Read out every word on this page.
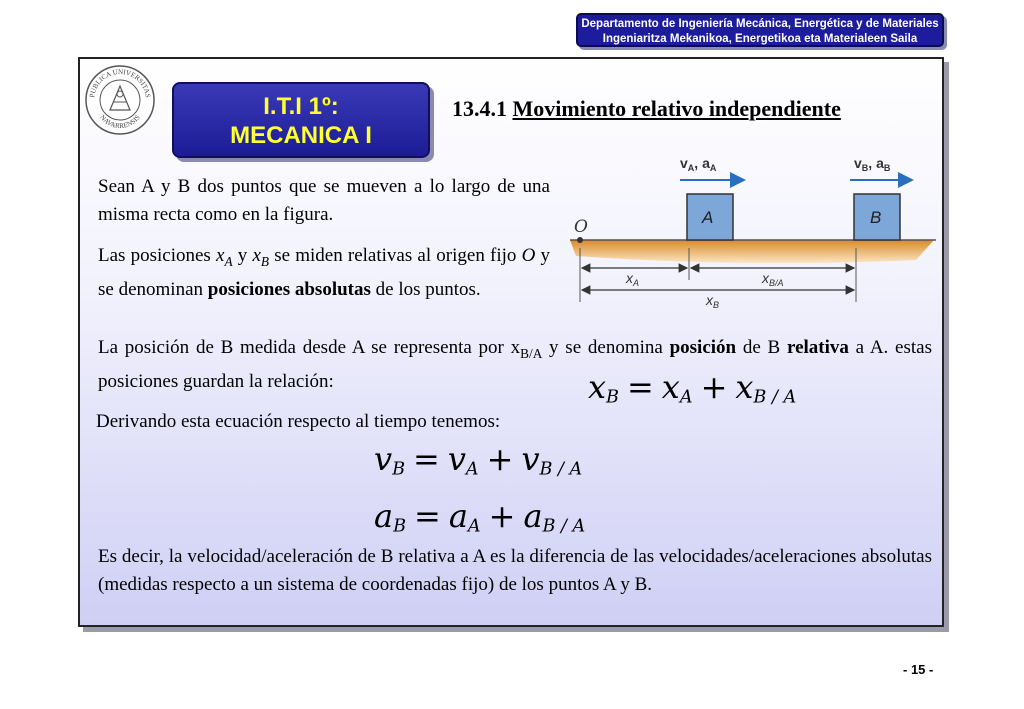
Departamento de Ingeniería Mecánica, Energética y de Materiales
Ingeniaritza Mekanikoa, Energetikoa eta Materialeen Saila
PUBLICA UNIVERSITAS
NAVARRENSIS	I.T.I 1º:
MECANICA I
13.4.1 Movimiento relativo independiente
Sean A y B dos puntos que se mueven a lo largo de una misma recta como en la figura.
Las posiciones $x_A$ y $x_B$ se miden relativas al origen fijo O y se denominan posiciones absolutas de los puntos.
O	A	B
$v_A$, $a_A$	$v_B$, $a_B$
$x_A$	$x_{B/A}$
$x_B$
La posición de B medida desde A se representa por $x_{B/A}$ y se denomina posición de B relativa a A. estas posiciones guardan la relación:	$x_B = x_A + x_{B / A}$
Derivando esta ecuación respecto al tiempo tenemos:
$v_B = v_A + v_{B / A}$
$a_B = a_A + a_{B / A}$
Es decir, la velocidad/aceleración de B relativa a A es la diferencia de las velocidades/aceleraciones absolutas (medidas respecto a un sistema de coordenadas fijo) de los puntos A y B.
- 15 -
